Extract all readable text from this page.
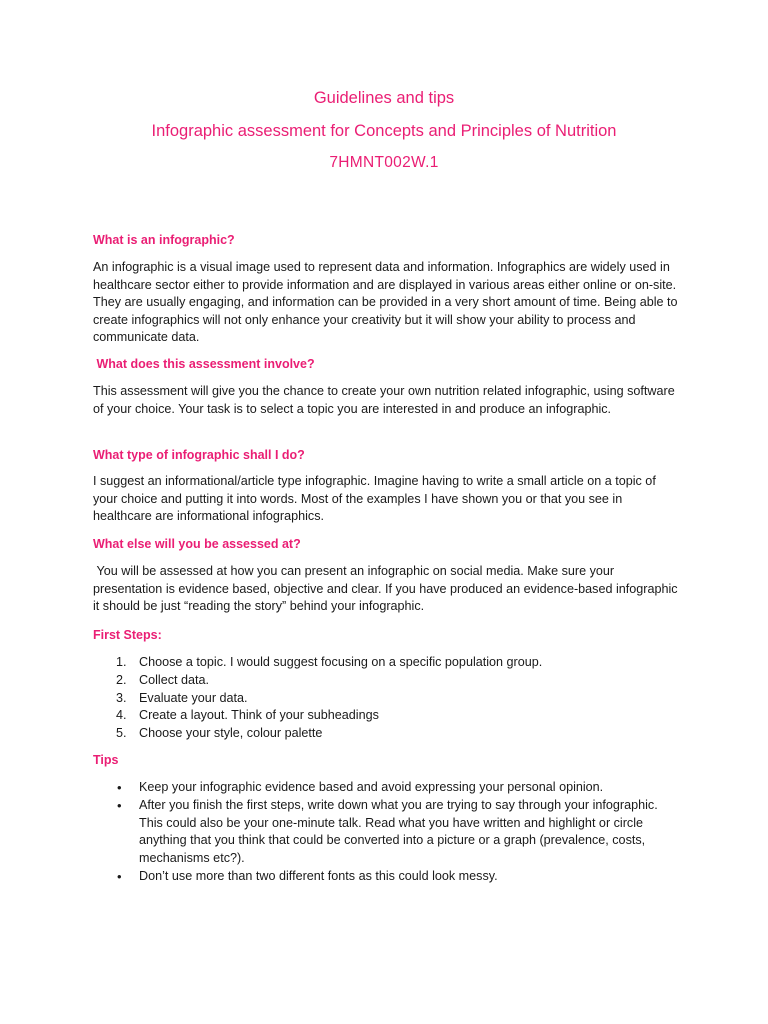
Guidelines and tips

Infographic assessment for Concepts and Principles of Nutrition

7HMNT002W.1

What is an infographic?

An infographic is a visual image used to represent data and information. Infographics are widely used in healthcare sector either to provide information and are displayed in various areas either online or on-site. They are usually engaging, and information can be provided in a very short amount of time. Being able to create infographics will not only enhance your creativity but it will show your ability to process and communicate data.

What does this assessment involve?

This assessment will give you the chance to create your own nutrition related infographic, using software of your choice. Your task is to select a topic you are interested in and produce an infographic.

What type of infographic shall I do?

I suggest an informational/article type infographic. Imagine having to write a small article on a topic of your choice and putting it into words. Most of the examples I have shown you or that you see in healthcare are informational infographics.

What else will you be assessed at?

You will be assessed at how you can present an infographic on social media. Make sure your presentation is evidence based, objective and clear. If you have produced an evidence-based infographic it should be just “reading the story” behind your infographic.

First Steps:

1. Choose a topic. I would suggest focusing on a specific population group.
2. Collect data.
3. Evaluate your data.
4. Create a layout. Think of your subheadings
5. Choose your style, colour palette

Tips

•	Keep your infographic evidence based and avoid expressing your personal opinion.
•	After you finish the first steps, write down what you are trying to say through your infographic. This could also be your one-minute talk. Read what you have written and highlight or circle anything that you think that could be converted into a picture or a graph (prevalence, costs, mechanisms etc?).
•	Don’t use more than two different fonts as this could look messy.
